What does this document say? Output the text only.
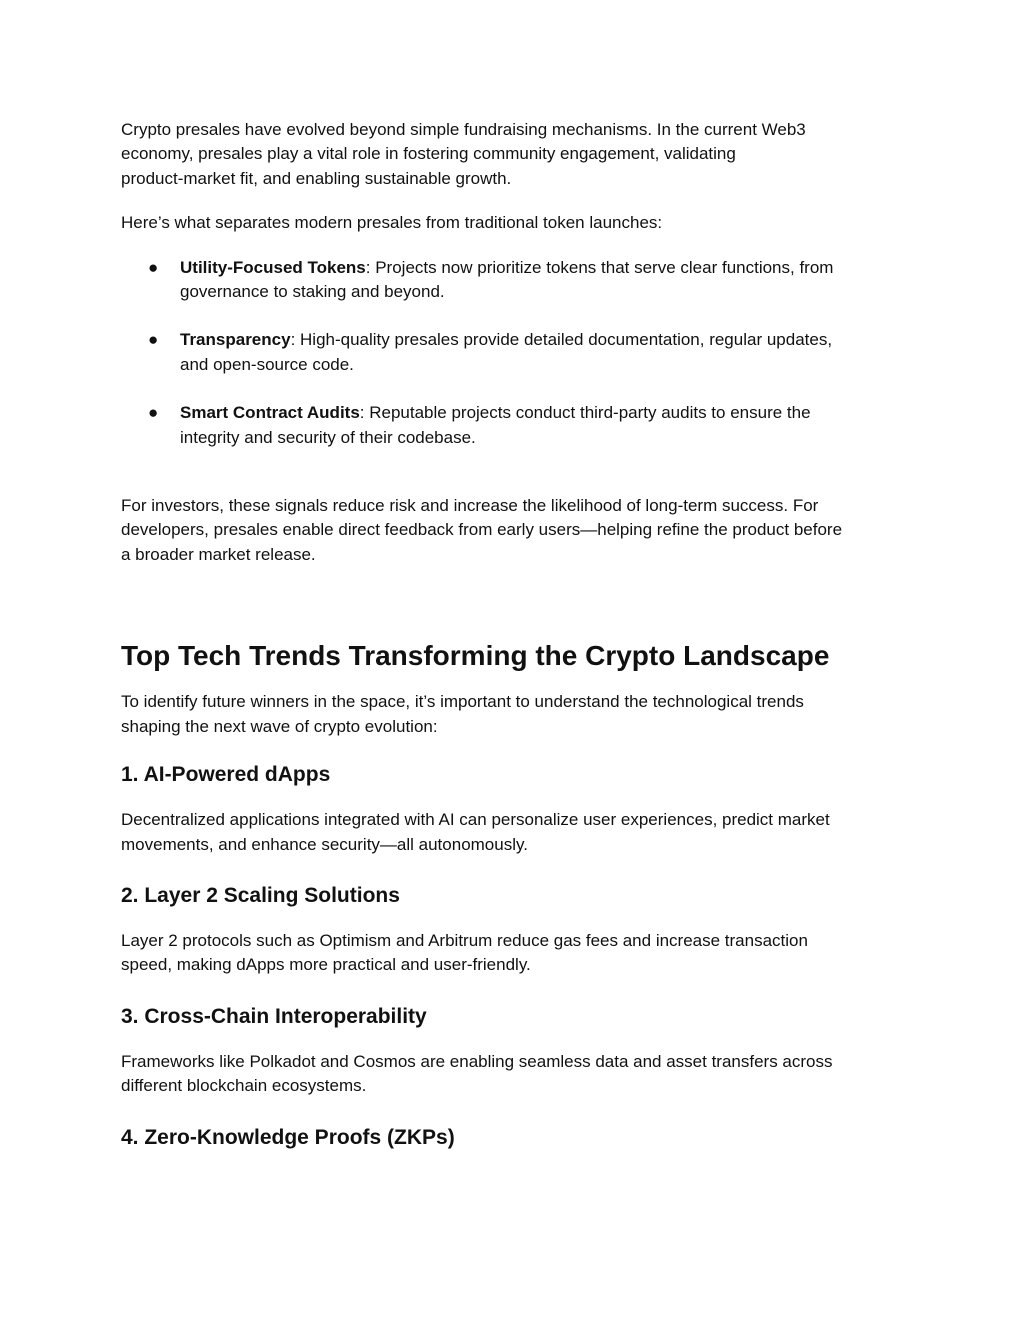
Crypto presales have evolved beyond simple fundraising mechanisms. In the current Web3
economy, presales play a vital role in fostering community engagement, validating
product-market fit, and enabling sustainable growth.

Here’s what separates modern presales from traditional token launches:

● Utility-Focused Tokens: Projects now prioritize tokens that serve clear functions, from
governance to staking and beyond.
● Transparency: High-quality presales provide detailed documentation, regular updates,
and open-source code.
● Smart Contract Audits: Reputable projects conduct third-party audits to ensure the
integrity and security of their codebase.

For investors, these signals reduce risk and increase the likelihood of long-term success. For
developers, presales enable direct feedback from early users—helping refine the product before
a broader market release.

Top Tech Trends Transforming the Crypto Landscape

To identify future winners in the space, it’s important to understand the technological trends
shaping the next wave of crypto evolution:

1. AI-Powered dApps

Decentralized applications integrated with AI can personalize user experiences, predict market
movements, and enhance security—all autonomously.

2. Layer 2 Scaling Solutions

Layer 2 protocols such as Optimism and Arbitrum reduce gas fees and increase transaction
speed, making dApps more practical and user-friendly.

3. Cross-Chain Interoperability

Frameworks like Polkadot and Cosmos are enabling seamless data and asset transfers across
different blockchain ecosystems.

4. Zero-Knowledge Proofs (ZKPs)
